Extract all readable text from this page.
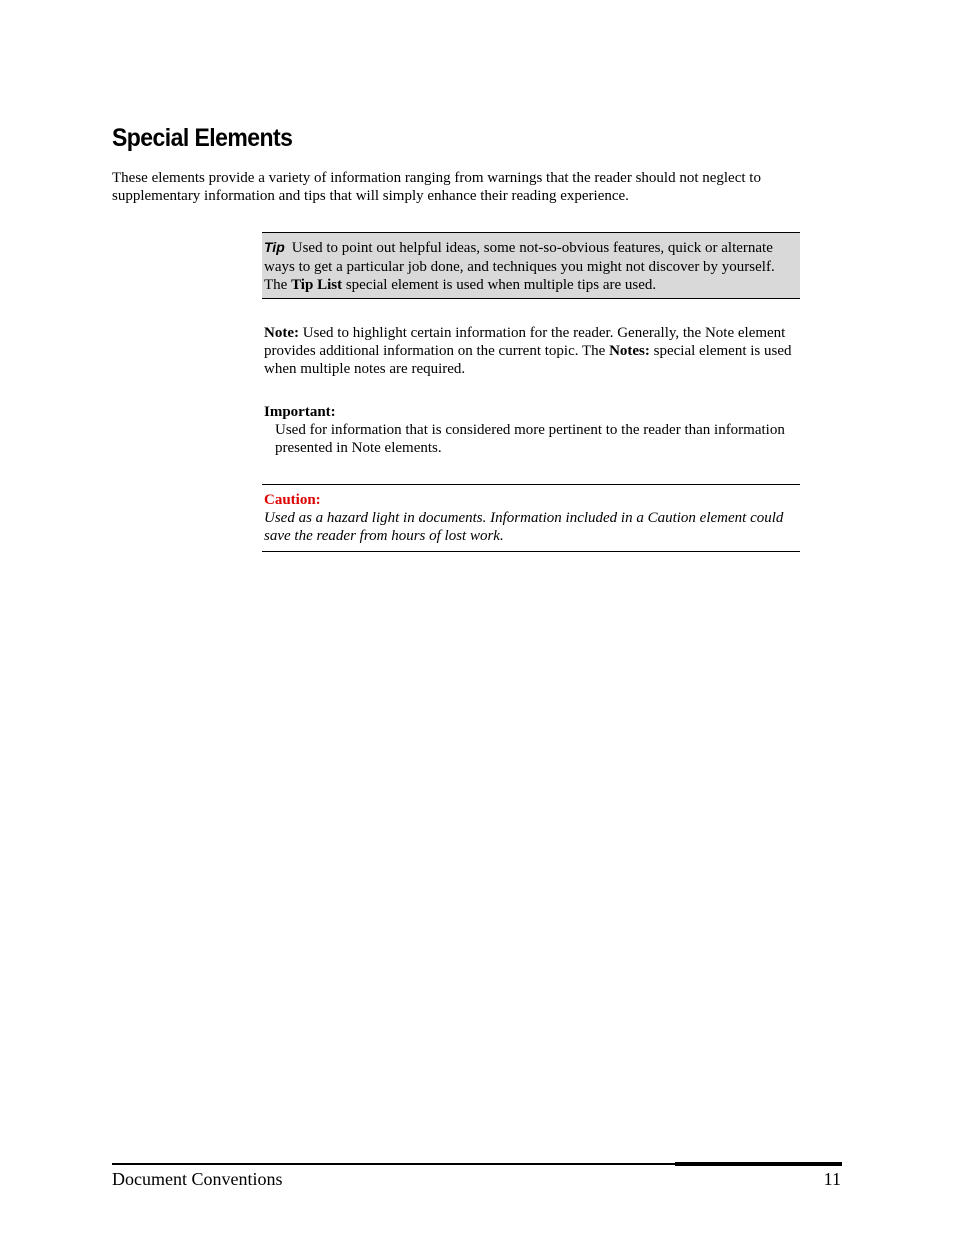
Special Elements

These elements provide a variety of information ranging from warnings that the reader should not neglect to supplementary information and tips that will simply enhance their reading experience.

Tip Used to point out helpful ideas, some not-so-obvious features, quick or alternate ways to get a particular job done, and techniques you might not discover by yourself. The Tip List special element is used when multiple tips are used.

Note: Used to highlight certain information for the reader. Generally, the Note element provides additional information on the current topic. The Notes: special element is used when multiple notes are required.

Important:

Used for information that is considered more pertinent to the reader than information presented in Note elements.

Caution:
Used as a hazard light in documents. Information included in a Caution element could save the reader from hours of lost work.
Document Conventions	11
